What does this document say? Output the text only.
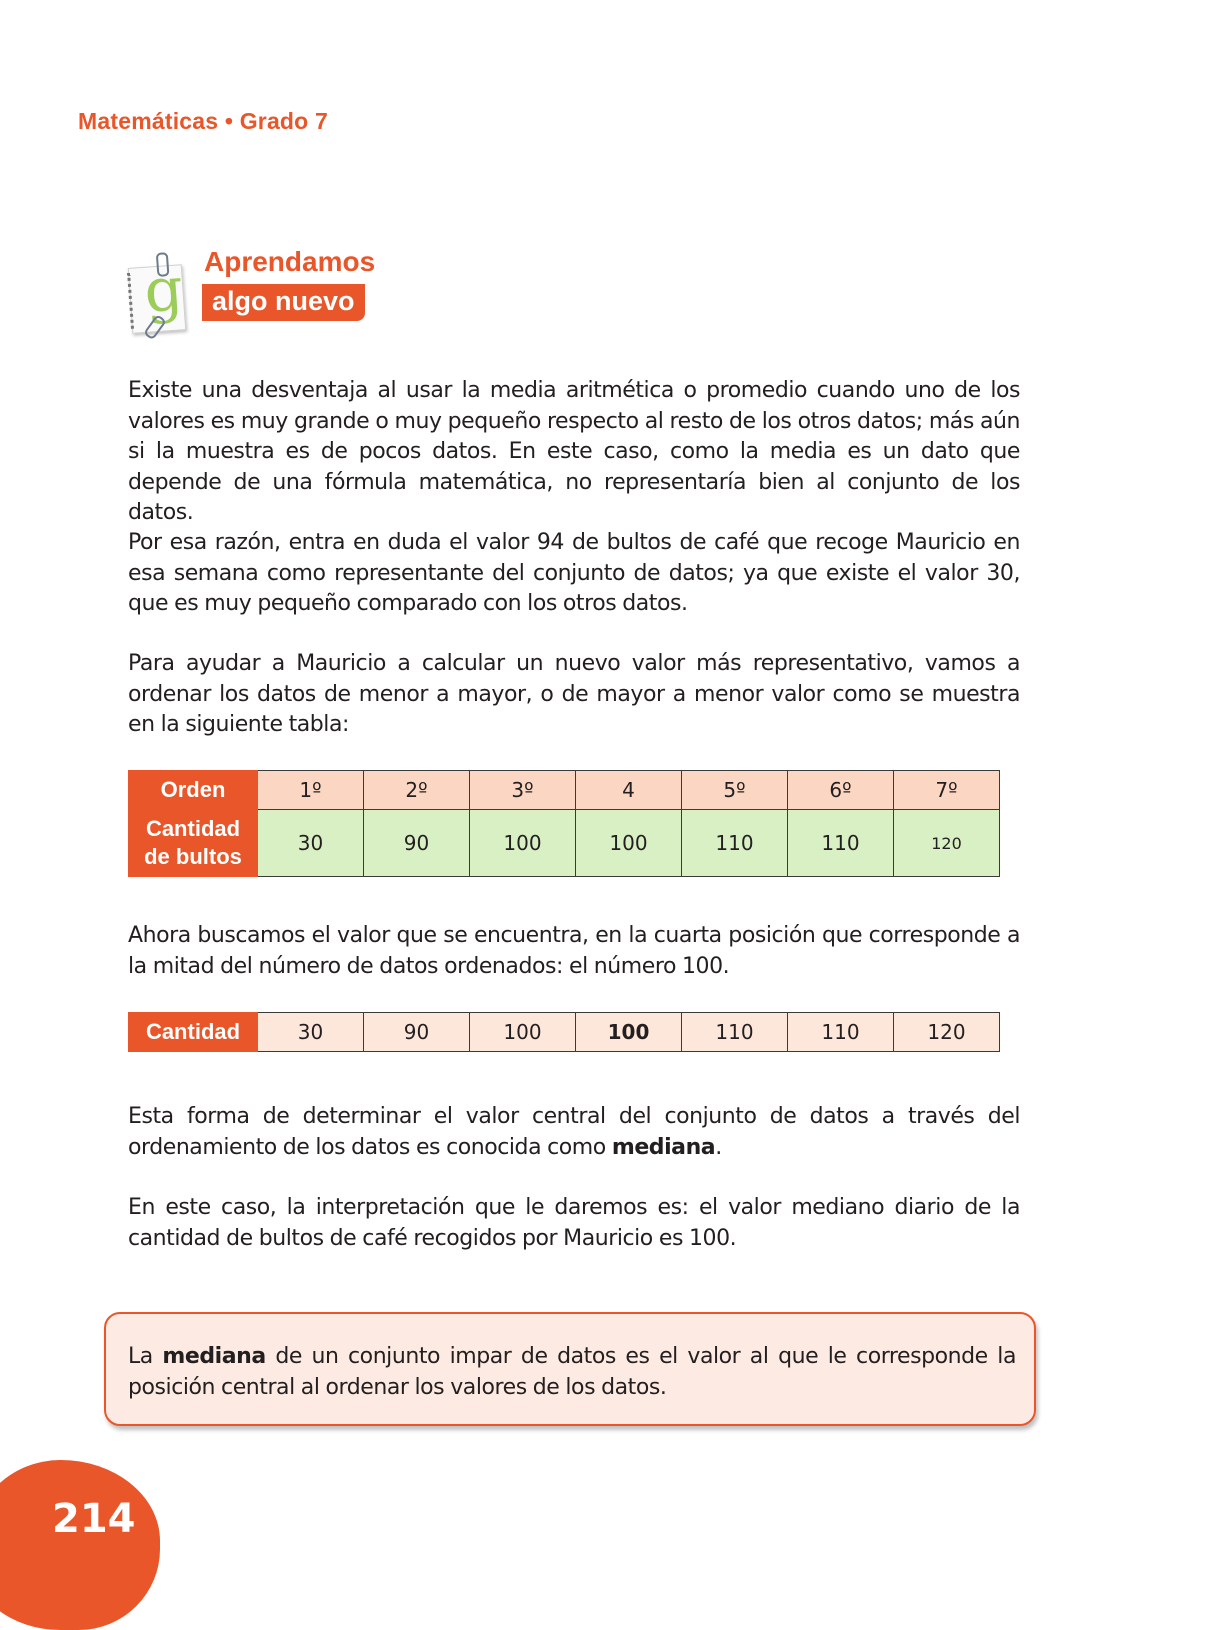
Matemáticas • Grado 7
g Aprendamos
algo nuevo

Existe una desventaja al usar la media aritmética o promedio cuando uno de los valores es muy grande o muy pequeño respecto al resto de los otros datos; más aún si la muestra es de pocos datos. En este caso, como la media es un dato que depende de una fórmula matemática, no representaría bien al conjunto de los datos.

Por esa razón, entra en duda el valor 94 de bultos de café que recoge Mauricio en esa semana como representante del conjunto de datos; ya que existe el valor 30, que es muy pequeño comparado con los otros datos.

Para ayudar a Mauricio a calcular un nuevo valor más representativo, vamos a ordenar los datos de menor a mayor, o de mayor a menor valor como se muestra en la siguiente tabla:

Orden	1º	2º	3º	4	5º	6º	7º
Cantidad
de bultos	30	90	100	100	110	110	120

Ahora buscamos el valor que se encuentra, en la cuarta posición que corresponde a la mitad del número de datos ordenados: el número 100.

Cantidad	30	90	100	100	110	110	120

Esta forma de determinar el valor central del conjunto de datos a través del ordenamiento de los datos es conocida como mediana.

En este caso, la interpretación que le daremos es: el valor mediano diario de la cantidad de bultos de café recogidos por Mauricio es 100.

La mediana de un conjunto impar de datos es el valor al que le corresponde la posición central al ordenar los valores de los datos.

214
